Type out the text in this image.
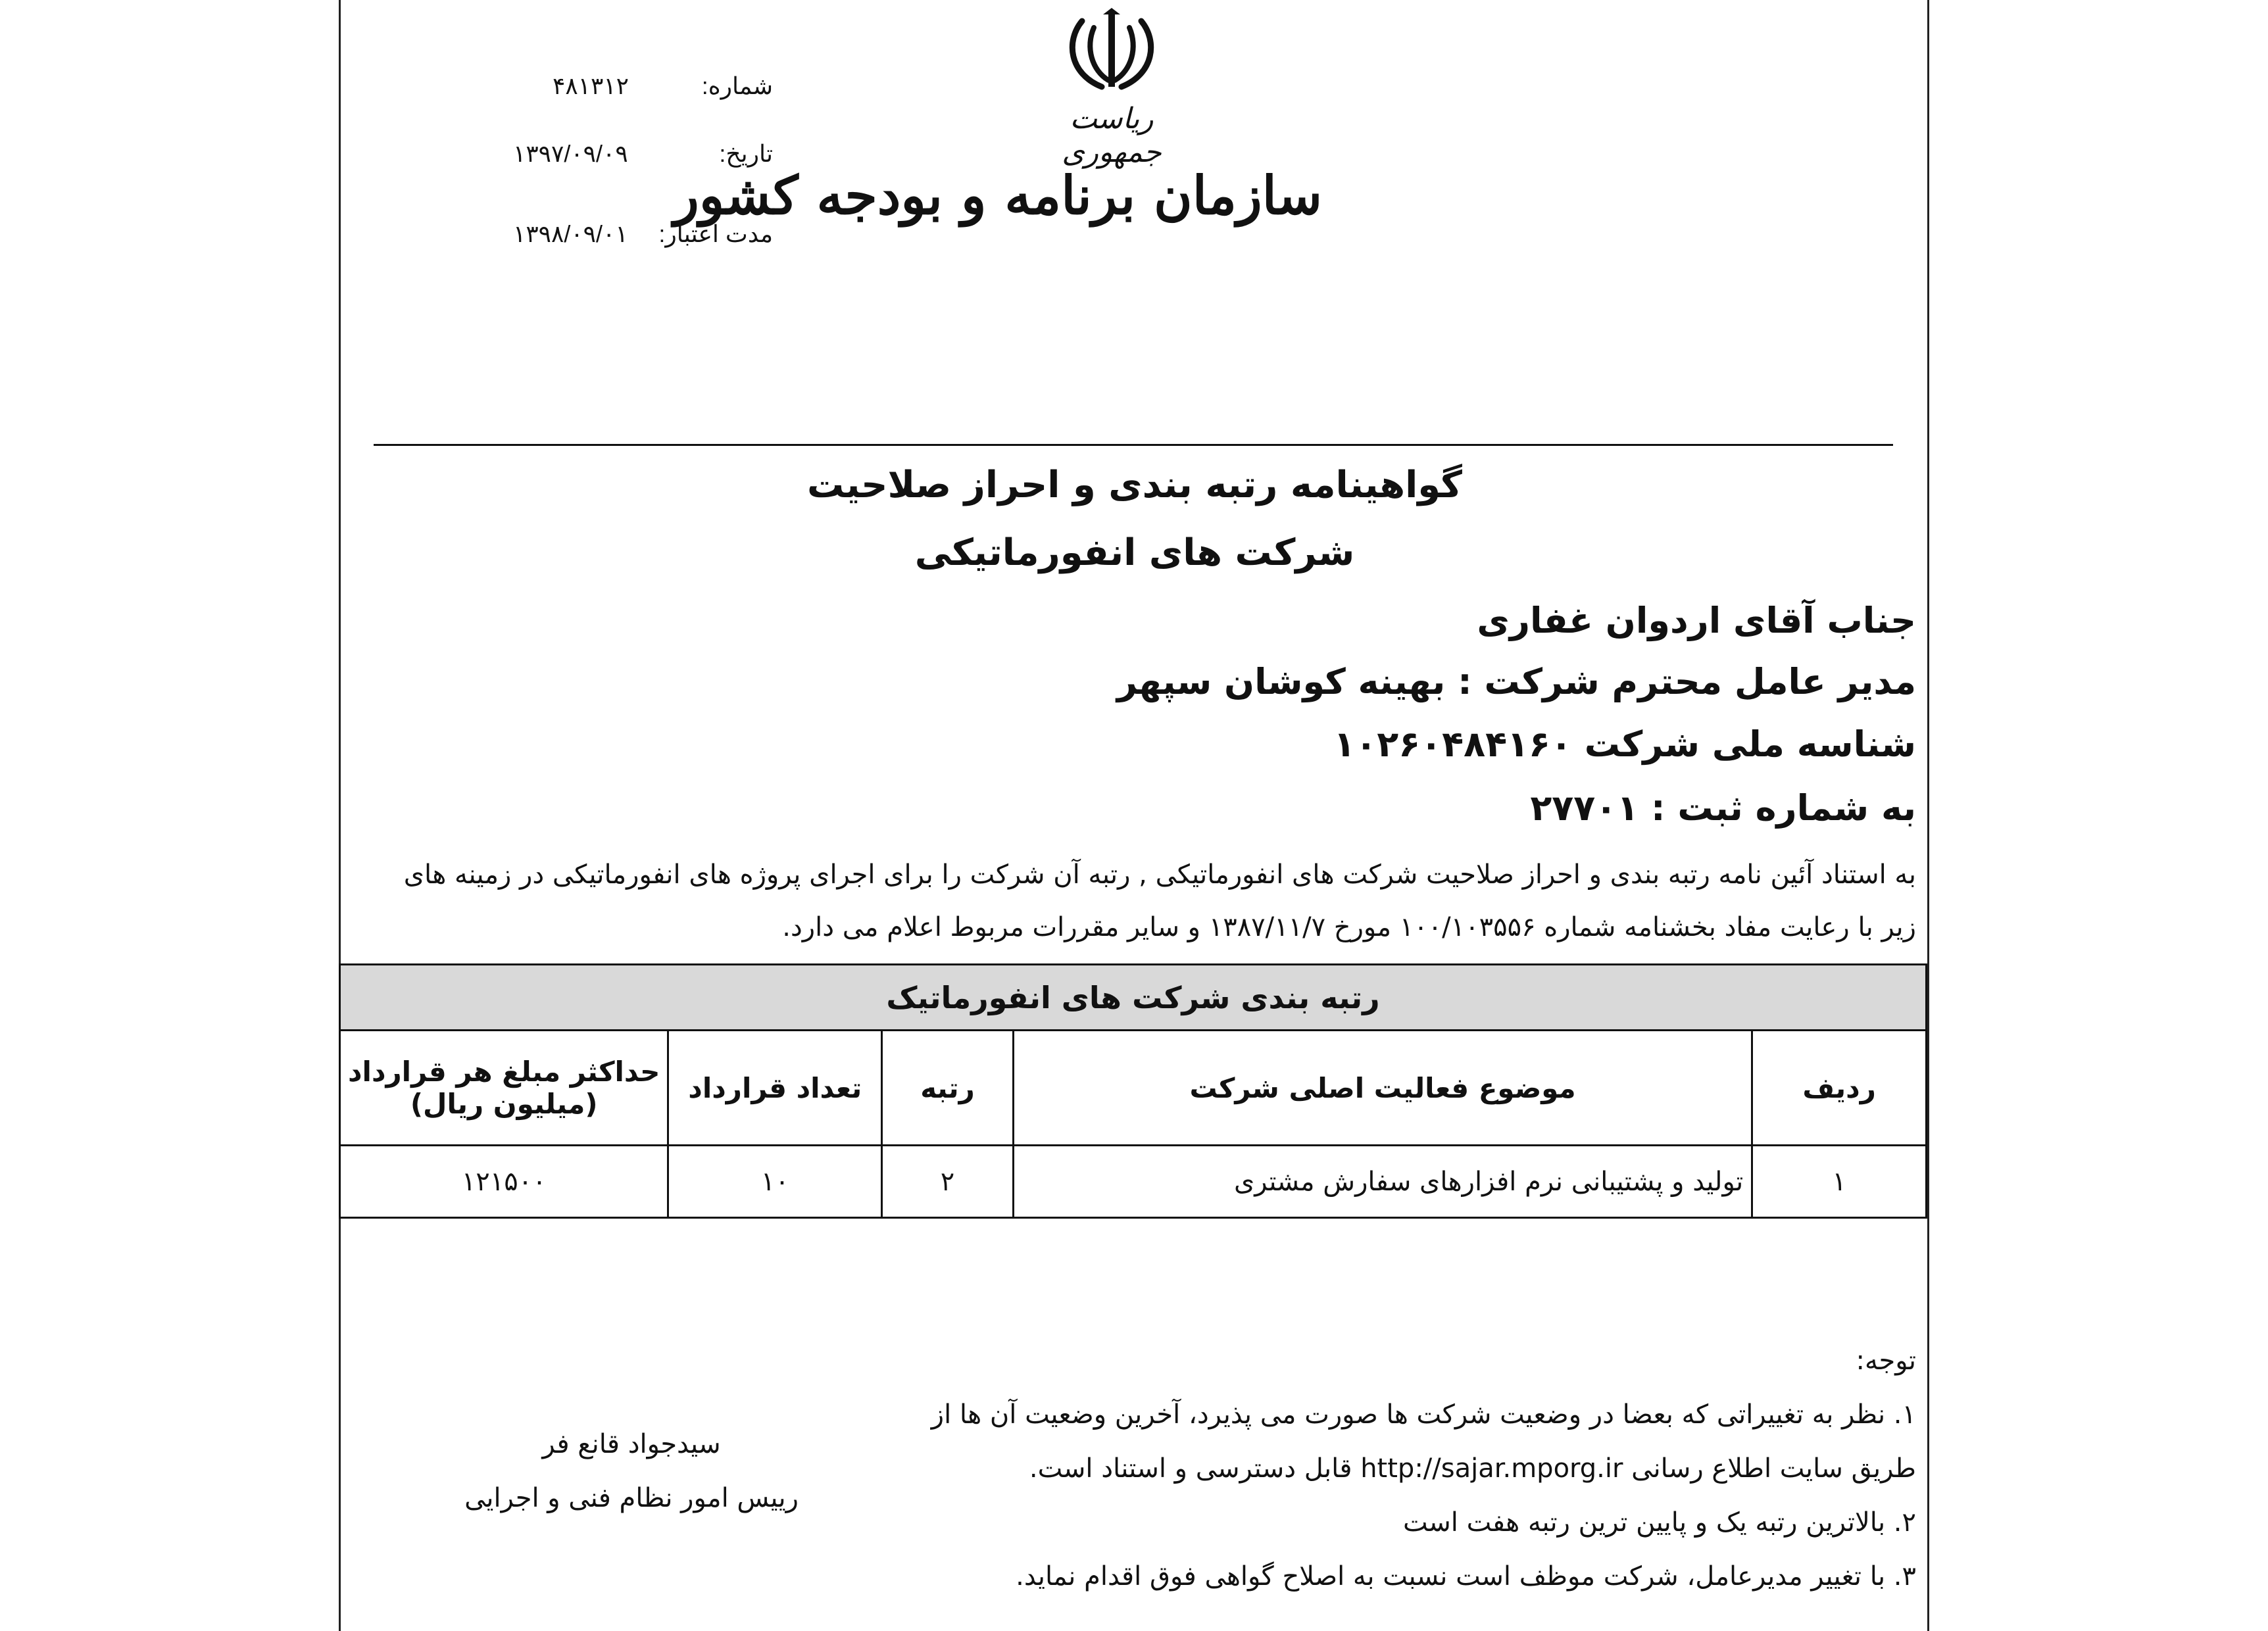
شماره:
۴۸۱۳۱۲
تاریخ:
۱۳۹۷/۰۹/۰۹
مدت اعتبار:
۱۳۹۸/۰۹/۰۱
ریاست جمهوری
سازمان برنامه و بودجه کشور
گواهینامه رتبه بندی و احراز صلاحیت
شرکت های انفورماتیکی
جناب آقای اردوان غفاری
مدیر عامل محترم شرکت : بهینه کوشان سپهر
شناسه ملی شرکت ۱۰۲۶۰۴۸۴۱۶۰
به شماره ثبت : ۲۷۷۰۱
به استناد آئین نامه رتبه بندی و احراز صلاحیت شرکت های انفورماتیکی , رتبه آن شرکت را برای اجرای پروژه های انفورماتیکی در زمینه های
زیر با رعایت مفاد بخشنامه شماره ۱۰۰/۱۰۳۵۵۶ مورخ ۱۳۸۷/۱۱/۷ و سایر مقررات مربوط اعلام می دارد.
رتبه بندی شرکت های انفورماتیک				
ردیف	موضوع فعالیت اصلی شرکت	رتبه	تعداد قرارداد	حداکثر مبلغ هر قرارداد
(میلیون ریال)

۱	تولید و پشتیبانی نرم افزارهای سفارش مشتری	۲	۱۰	۱۲۱۵۰۰
توجه:
۱. نظر به تغییراتی که بعضا در وضعیت شرکت ها صورت می پذیرد، آخرین وضعیت آن ها از
طریق سایت اطلاع رسانی http://sajar.mporg.ir قابل دسترسی و استناد است.
۲. بالاترین رتبه یک و پایین ترین رتبه هفت است
۳. با تغییر مدیرعامل، شرکت موظف است نسبت به اصلاح گواهی فوق اقدام نماید.
سیدجواد قانع فر
رییس امور نظام فنی و اجرایی
